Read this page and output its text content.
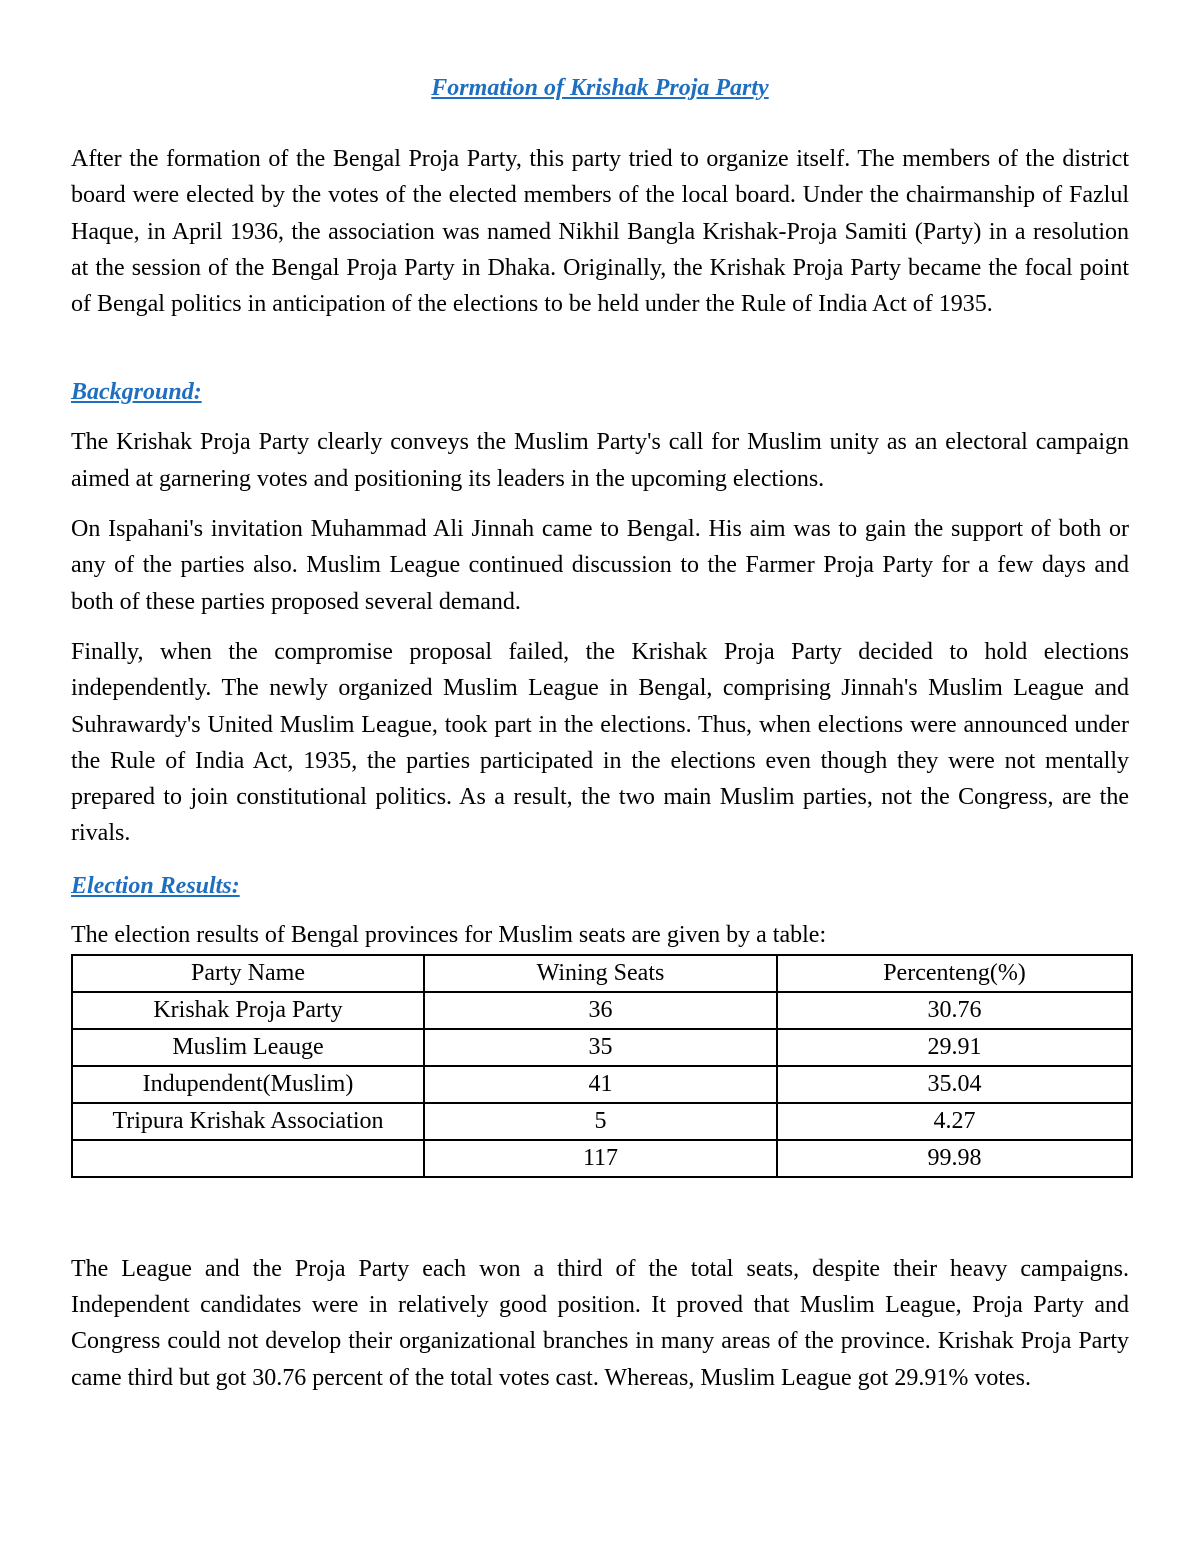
Formation of Krishak Proja Party

After the formation of the Bengal Proja Party, this party tried to organize itself. The members of the district board were elected by the votes of the elected members of the local board. Under the chairmanship of Fazlul Haque, in April 1936, the association was named Nikhil Bangla Krishak-Proja Samiti (Party) in a resolution at the session of the Bengal Proja Party in Dhaka. Originally, the Krishak Proja Party became the focal point of Bengal politics in anticipation of the elections to be held under the Rule of India Act of 1935.

Background:

The Krishak Proja Party clearly conveys the Muslim Party's call for Muslim unity as an electoral campaign aimed at garnering votes and positioning its leaders in the upcoming elections.

On Ispahani's invitation Muhammad Ali Jinnah came to Bengal. His aim was to gain the support of both or any of the parties also. Muslim League continued discussion to the Farmer Proja Party for a few days and both of these parties proposed several demand.

Finally, when the compromise proposal failed, the Krishak Proja Party decided to hold elections independently. The newly organized Muslim League in Bengal, comprising Jinnah's Muslim League and Suhrawardy's United Muslim League, took part in the elections. Thus, when elections were announced under the Rule of India Act, 1935, the parties participated in the elections even though they were not mentally prepared to join constitutional politics. As a result, the two main Muslim parties, not the Congress, are the rivals.

Election Results:

The election results of Bengal provinces for Muslim seats are given by a table:

Party Name	Wining Seats	Percenteng(%)
Krishak Proja Party	36	30.76
Muslim Leauge	35	29.91
Indupendent(Muslim)	41	35.04
Tripura Krishak Association	5	4.27
	117	99.98

The League and the Proja Party each won a third of the total seats, despite their heavy campaigns. Independent candidates were in relatively good position. It proved that Muslim League, Proja Party and Congress could not develop their organizational branches in many areas of the province. Krishak Proja Party came third but got 30.76 percent of the total votes cast. Whereas, Muslim League got 29.91% votes.
